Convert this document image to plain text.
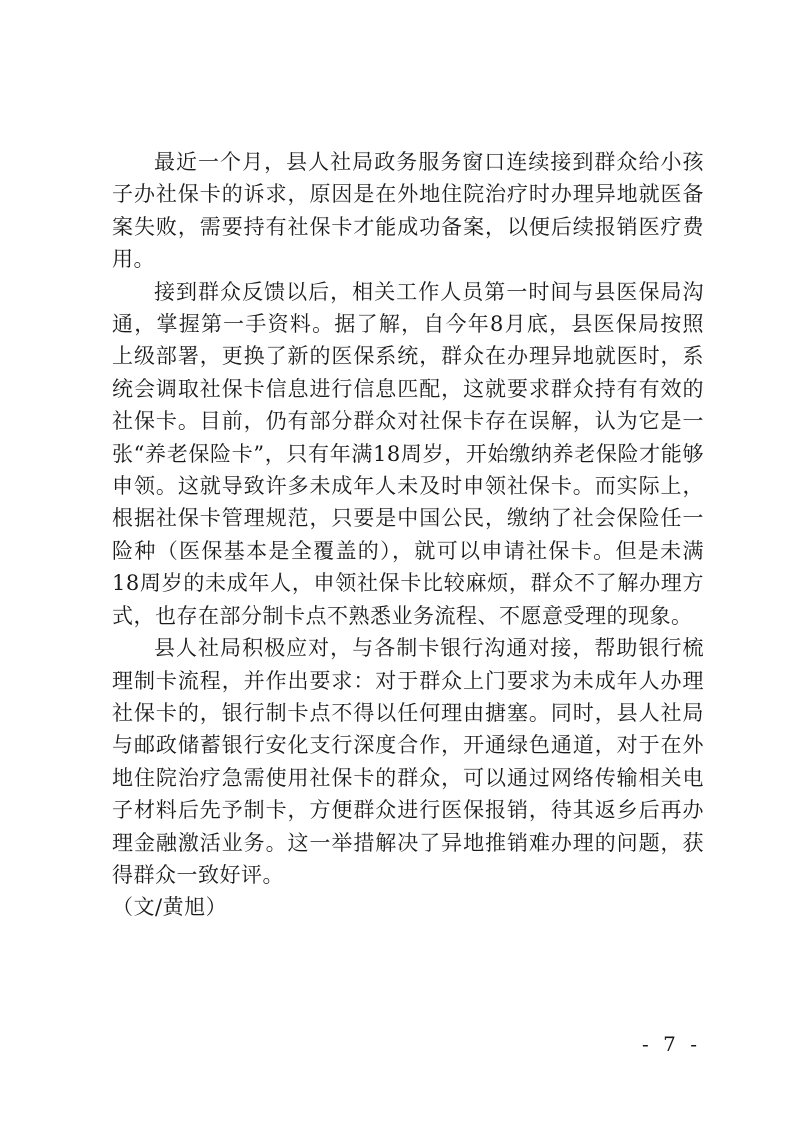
最近一个月，县人社局政务服务窗口连续接到群众给小孩子办社保卡的诉求，原因是在外地住院治疗时办理异地就医备案失败，需要持有社保卡才能成功备案，以便后续报销医疗费用。

接到群众反馈以后，相关工作人员第一时间与县医保局沟通，掌握第一手资料。据了解，自今年8月底，县医保局按照上级部署，更换了新的医保系统，群众在办理异地就医时，系统会调取社保卡信息进行信息匹配，这就要求群众持有有效的社保卡。目前，仍有部分群众对社保卡存在误解，认为它是一张“养老保险卡”，只有年满18周岁，开始缴纳养老保险才能够申领。这就导致许多未成年人未及时申领社保卡。而实际上，根据社保卡管理规范，只要是中国公民，缴纳了社会保险任一险种（医保基本是全覆盖的），就可以申请社保卡。但是未满18周岁的未成年人，申领社保卡比较麻烦，群众不了解办理方式，也存在部分制卡点不熟悉业务流程、不愿意受理的现象。

县人社局积极应对，与各制卡银行沟通对接，帮助银行梳理制卡流程，并作出要求：对于群众上门要求为未成年人办理社保卡的，银行制卡点不得以任何理由搪塞。同时，县人社局与邮政储蓄银行安化支行深度合作，开通绿色通道，对于在外地住院治疗急需使用社保卡的群众，可以通过网络传输相关电子材料后先予制卡，方便群众进行医保报销，待其返乡后再办理金融激活业务。这一举措解决了异地推销难办理的问题，获得群众一致好评。

（文/黄旭）

- 7 -
